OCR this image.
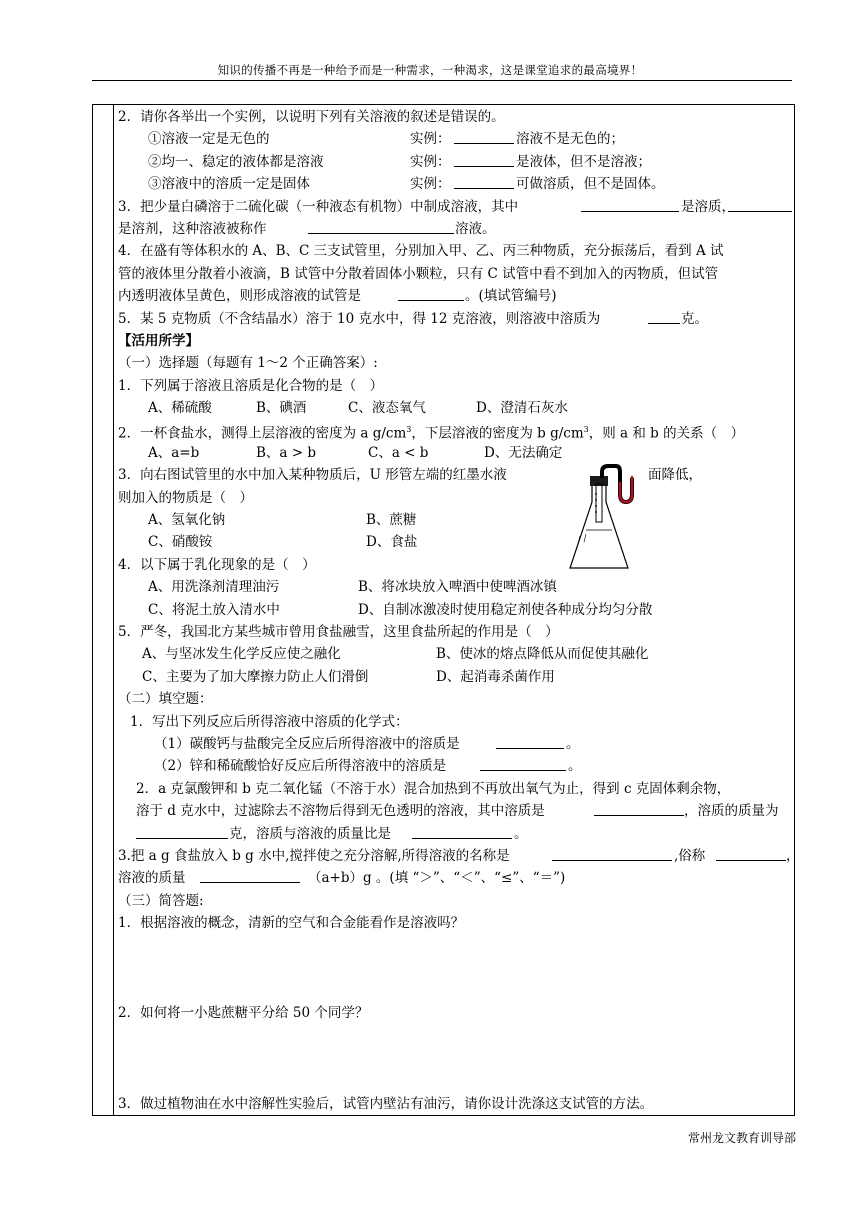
知识的传播不再是一种给予而是一种需求，一种渴求，这是课堂追求的最高境界！
2．请你各举出一个实例，以说明下列有关溶液的叙述是错误的。
①溶液一定是无色的	实例：	溶液不是无色的；
②均一、稳定的液体都是溶液	实例：	是液体，但不是溶液；
③溶液中的溶质一定是固体	实例：	可做溶质，但不是固体。
3．把少量白磷溶于二硫化碳（一种液态有机物）中制成溶液，其中	是溶质，
是溶剂，这种溶液被称作	溶液。
4．在盛有等体积水的 A、B、C 三支试管里，分别加入甲、乙、丙三种物质，充分振荡后，看到 A 试
管的液体里分散着小液滴，B 试管中分散着固体小颗粒，只有 C 试管中看不到加入的丙物质，但试管
内透明液体呈黄色，则形成溶液的试管是	。(填试管编号)
5．某 5 克物质（不含结晶水）溶于 10 克水中，得 12 克溶液，则溶液中溶质为	克。
【活用所学】
（一）选择题（每题有 1～2 个正确答案）:
1．下列属于溶液且溶质是化合物的是（　）
A、稀硫酸	B、碘酒	C、液态氧气	D、澄清石灰水
2．一杯食盐水，测得上层溶液的密度为 a $g/cm^3$，下层溶液的密度为 b $g/cm^3$，则 a 和 b 的关系（　）
A、a=b	B、a > b	C、a < b	D、无法确定
3．向右图试管里的水中加入某种物质后，U 形管左端的红墨水液	面降低，
则加入的物质是（　）
A、氢氧化钠	B、蔗糖
C、硝酸铵	D、食盐
4．以下属于乳化现象的是（　）
A、用洗涤剂清理油污	B、将冰块放入啤酒中使啤酒冰镇
C、将泥土放入清水中	D、自制冰激凌时使用稳定剂使各种成分均匀分散
5．严冬，我国北方某些城市曾用食盐融雪，这里食盐所起的作用是（　）
A、与坚冰发生化学反应使之融化	B、使冰的熔点降低从而促使其融化
C、主要为了加大摩擦力防止人们滑倒	D、起消毒杀菌作用
（二）填空题：
1．写出下列反应后所得溶液中溶质的化学式：
（1）碳酸钙与盐酸完全反应后所得溶液中的溶质是	。
（2）锌和稀硫酸恰好反应后所得溶液中的溶质是	。
2．a 克氯酸钾和 b 克二氧化锰（不溶于水）混合加热到不再放出氧气为止，得到 c 克固体剩余物，
溶于 d 克水中，过滤除去不溶物后得到无色透明的溶液，其中溶质是	，溶质的质量为
克，溶质与溶液的质量比是	。
3.把 a g 食盐放入 b g 水中,搅拌使之充分溶解,所得溶液的名称是	,俗称	，
溶液的质量	（a+b）g 。(填 “＞”、“＜”、“≤”、“＝”)
（三）简答题:
1．根据溶液的概念，清新的空气和合金能看作是溶液吗？
2．如何将一小匙蔗糖平分给 50 个同学？
3．做过植物油在水中溶解性实验后，试管内壁沾有油污，请你设计洗涤这支试管的方法。
常州龙文教育训导部
